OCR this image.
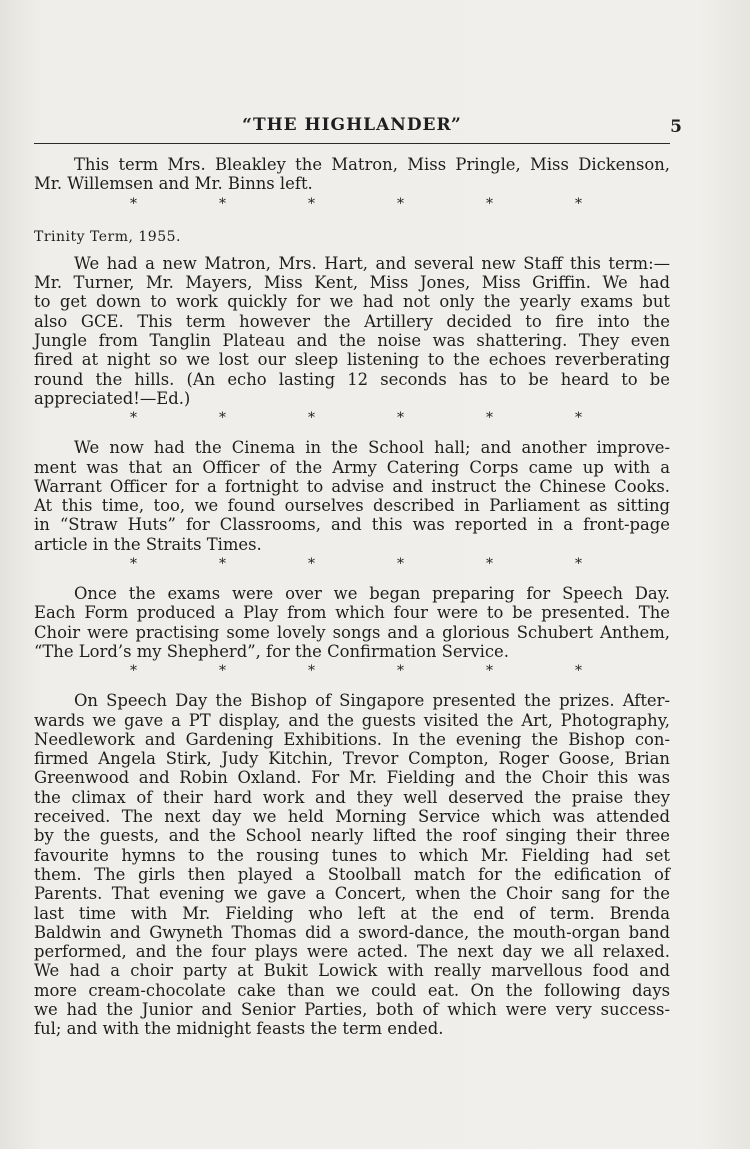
“THE HIGHLANDER”	5
This term Mrs. Bleakley the Matron, Miss Pringle, Miss Dickenson,
Mr. Willemsen and Mr. Binns left.
*	*	*	*	*	*
Trinity Term, 1955.
We had a new Matron, Mrs. Hart, and several new Staff this term:—
Mr. Turner, Mr. Mayers, Miss Kent, Miss Jones, Miss Griffin. We had
to get down to work quickly for we had not only the yearly exams but
also GCE. This term however the Artillery decided to fire into the
Jungle from Tanglin Plateau and the noise was shattering. They even
fired at night so we lost our sleep listening to the echoes reverberating
round the hills. (An echo lasting 12 seconds has to be heard to be
appreciated!—Ed.)
*	*	*	*	*	*
We now had the Cinema in the School hall; and another improve-
ment was that an Officer of the Army Catering Corps came up with a
Warrant Officer for a fortnight to advise and instruct the Chinese Cooks.
At this time, too, we found ourselves described in Parliament as sitting
in “Straw Huts” for Classrooms, and this was reported in a front-page
article in the Straits Times.
*	*	*	*	*	*
Once the exams were over we began preparing for Speech Day.
Each Form produced a Play from which four were to be presented. The
Choir were practising some lovely songs and a glorious Schubert Anthem,
“The Lord’s my Shepherd”, for the Confirmation Service.
*	*	*	*	*	*
On Speech Day the Bishop of Singapore presented the prizes. After-
wards we gave a PT display, and the guests visited the Art, Photography,
Needlework and Gardening Exhibitions. In the evening the Bishop con-
firmed Angela Stirk, Judy Kitchin, Trevor Compton, Roger Goose, Brian
Greenwood and Robin Oxland. For Mr. Fielding and the Choir this was
the climax of their hard work and they well deserved the praise they
received. The next day we held Morning Service which was attended
by the guests, and the School nearly lifted the roof singing their three
favourite hymns to the rousing tunes to which Mr. Fielding had set
them. The girls then played a Stoolball match for the edification of
Parents. That evening we gave a Concert, when the Choir sang for the
last time with Mr. Fielding who left at the end of term. Brenda
Baldwin and Gwyneth Thomas did a sword-dance, the mouth-organ band
performed, and the four plays were acted. The next day we all relaxed.
We had a choir party at Bukit Lowick with really marvellous food and
more cream-chocolate cake than we could eat. On the following days
we had the Junior and Senior Parties, both of which were very success-
ful; and with the midnight feasts the term ended.
